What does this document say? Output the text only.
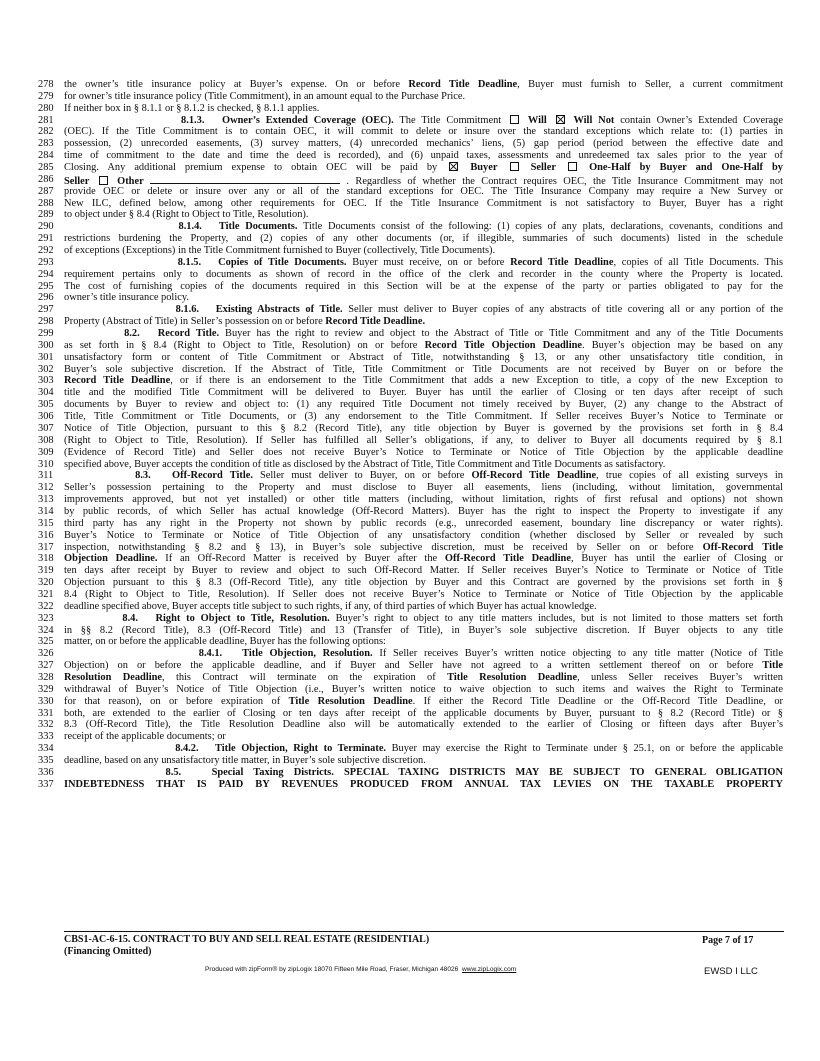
278	the owner’s title insurance policy at Buyer’s expense. On or before Record Title Deadline, Buyer must furnish to Seller, a current commitment
279	for owner’s title insurance policy (Title Commitment), in an amount equal to the Purchase Price.
280	If neither box in § 8.1.1 or § 8.1.2 is checked, § 8.1.1 applies.
281	8.1.3.   Owner’s Extended Coverage (OEC). The Title Commitment  Will	Will Not contain Owner’s Extended Coverage
282	(OEC). If the Title Commitment is to contain OEC, it will commit to delete or insure over the standard exceptions which relate to: (1) parties in
283	possession, (2) unrecorded easements, (3) survey matters, (4) unrecorded mechanics’ liens, (5) gap period (period between the effective date and
284	time of commitment to the date and time the deed is recorded), and (6) unpaid taxes, assessments and unredeemed tax sales prior to the year of
285	Closing. Any additional premium expense to obtain OEC will be paid by  Buyer	Seller	One-Half by Buyer and One-Half by
286	Seller	Other	. Regardless of whether the Contract requires OEC, the Title Insurance Commitment may not
287	provide OEC or delete or insure over any or all of the standard exceptions for OEC. The Title Insurance Company may require a New Survey or
288	New ILC, defined below, among other requirements for OEC. If the Title Insurance Commitment is not satisfactory to Buyer, Buyer has a right
289	to object under § 8.4 (Right to Object to Title, Resolution).
290	8.1.4.   Title Documents. Title Documents consist of the following: (1) copies of any plats, declarations, covenants, conditions and
291	restrictions burdening the Property, and (2) copies of any other documents (or, if illegible, summaries of such documents) listed in the schedule
292	of exceptions (Exceptions) in the Title Commitment furnished to Buyer (collectively, Title Documents).
293	8.1.5.   Copies of Title Documents. Buyer must receive, on or before Record Title Deadline, copies of all Title Documents. This
294	requirement pertains only to documents as shown of record in the office of the clerk and recorder in the county where the Property is located.
295	The cost of furnishing copies of the documents required in this Section will be at the expense of the party or parties obligated to pay for the
296	owner’s title insurance policy.
297	8.1.6.   Existing Abstracts of Title. Seller must deliver to Buyer copies of any abstracts of title covering all or any portion of the
298	Property (Abstract of Title) in Seller’s possession on or before Record Title Deadline.
299	8.2.   Record Title. Buyer has the right to review and object to the Abstract of Title or Title Commitment and any of the Title Documents
300	as set forth in § 8.4 (Right to Object to Title, Resolution) on or before Record Title Objection Deadline. Buyer’s objection may be based on any
301	unsatisfactory form or content of Title Commitment or Abstract of Title, notwithstanding § 13, or any other unsatisfactory title condition, in
302	Buyer’s sole subjective discretion. If the Abstract of Title, Title Commitment or Title Documents are not received by Buyer on or before the
303	Record Title Deadline, or if there is an endorsement to the Title Commitment that adds a new Exception to title, a copy of the new Exception to
304	title and the modified Title Commitment will be delivered to Buyer. Buyer has until the earlier of Closing or ten days after receipt of such
305	documents by Buyer to review and object to: (1) any required Title Document not timely received by Buyer, (2) any change to the Abstract of
306	Title, Title Commitment or Title Documents, or (3) any endorsement to the Title Commitment. If Seller receives Buyer’s Notice to Terminate or
307	Notice of Title Objection, pursuant to this § 8.2 (Record Title), any title objection by Buyer is governed by the provisions set forth in § 8.4
308	(Right to Object to Title, Resolution). If Seller has fulfilled all Seller’s obligations, if any, to deliver to Buyer all documents required by § 8.1
309	(Evidence of Record Title) and Seller does not receive Buyer’s Notice to Terminate or Notice of Title Objection by the applicable deadline
310	specified above, Buyer accepts the condition of title as disclosed by the Abstract of Title, Title Commitment and Title Documents as satisfactory.
311	8.3.   Off-Record Title. Seller must deliver to Buyer, on or before Off-Record Title Deadline, true copies of all existing surveys in
312	Seller’s possession pertaining to the Property and must disclose to Buyer all easements, liens (including, without limitation, governmental
313	improvements approved, but not yet installed) or other title matters (including, without limitation, rights of first refusal and options) not shown
314	by public records, of which Seller has actual knowledge (Off-Record Matters). Buyer has the right to inspect the Property to investigate if any
315	third party has any right in the Property not shown by public records (e.g., unrecorded easement, boundary line discrepancy or water rights).
316	Buyer’s Notice to Terminate or Notice of Title Objection of any unsatisfactory condition (whether disclosed by Seller or revealed by such
317	inspection, notwithstanding § 8.2 and § 13), in Buyer’s sole subjective discretion, must be received by Seller on or before Off-Record Title
318	Objection Deadline. If an Off-Record Matter is received by Buyer after the Off-Record Title Deadline, Buyer has until the earlier of Closing or
319	ten days after receipt by Buyer to review and object to such Off-Record Matter. If Seller receives Buyer’s Notice to Terminate or Notice of Title
320	Objection pursuant to this § 8.3 (Off-Record Title), any title objection by Buyer and this Contract are governed by the provisions set forth in §
321	8.4 (Right to Object to Title, Resolution). If Seller does not receive Buyer’s Notice to Terminate or Notice of Title Objection by the applicable
322	deadline specified above, Buyer accepts title subject to such rights, if any, of third parties of which Buyer has actual knowledge.
323	8.4.   Right to Object to Title, Resolution. Buyer’s right to object to any title matters includes, but is not limited to those matters set forth
324	in §§ 8.2 (Record Title), 8.3 (Off-Record Title) and 13 (Transfer of Title), in Buyer’s sole subjective discretion. If Buyer objects to any title
325	matter, on or before the applicable deadline, Buyer has the following options:
326	8.4.1.   Title Objection, Resolution. If Seller receives Buyer’s written notice objecting to any title matter (Notice of Title
327	Objection) on or before the applicable deadline, and if Buyer and Seller have not agreed to a written settlement thereof on or before Title
328	Resolution Deadline, this Contract will terminate on the expiration of Title Resolution Deadline, unless Seller receives Buyer’s written
329	withdrawal of Buyer’s Notice of Title Objection (i.e., Buyer’s written notice to waive objection to such items and waives the Right to Terminate
330	for that reason), on or before expiration of Title Resolution Deadline. If either the Record Title Deadline or the Off-Record Title Deadline, or
331	both, are extended to the earlier of Closing or ten days after receipt of the applicable documents by Buyer, pursuant to § 8.2 (Record Title) or §
332	8.3 (Off-Record Title), the Title Resolution Deadline also will be automatically extended to the earlier of Closing or fifteen days after Buyer’s
333	receipt of the applicable documents; or
334	8.4.2.   Title Objection, Right to Terminate. Buyer may exercise the Right to Terminate under § 25.1, on or before the applicable
335	deadline, based on any unsatisfactory title matter, in Buyer’s sole subjective discretion.
336	8.5.   Special Taxing Districts. SPECIAL TAXING DISTRICTS MAY BE SUBJECT TO GENERAL OBLIGATION
337	INDEBTEDNESS THAT IS PAID BY REVENUES PRODUCED FROM ANNUAL TAX LEVIES ON THE TAXABLE PROPERTY
CBS1-AC-6-15. CONTRACT TO BUY AND SELL REAL ESTATE (RESIDENTIAL)
(Financing Omitted)
Page 7 of 17
Produced with zipForm® by zipLogix 18070 Fifteen Mile Road, Fraser, Michigan 48026 www.zipLogix.com	EWSD I LLC
